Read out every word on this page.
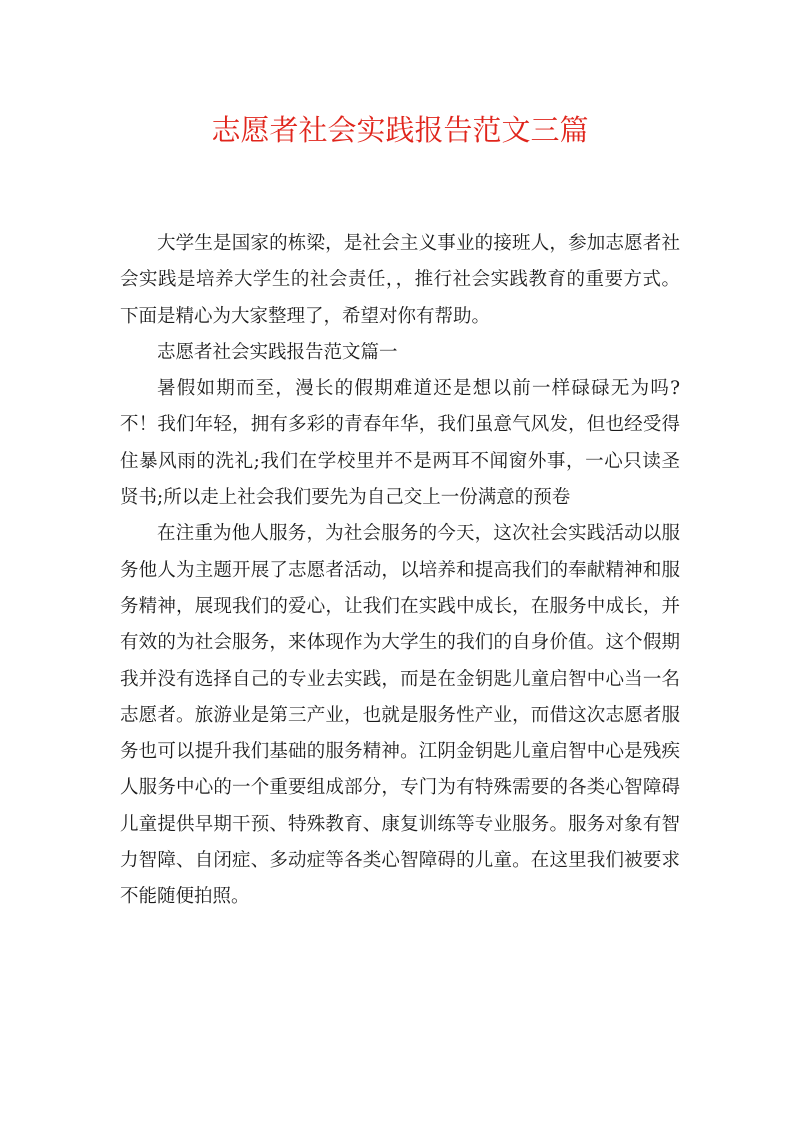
志愿者社会实践报告范文三篇

大学生是国家的栋梁，是社会主义事业的接班人，参加志愿者社会实践是培养大学生的社会责任，，推行社会实践教育的重要方式。下面是精心为大家整理了，希望对你有帮助。

志愿者社会实践报告范文篇一

暑假如期而至，漫长的假期难道还是想以前一样碌碌无为吗?不！我们年轻，拥有多彩的青春年华，我们虽意气风发，但也经受得住暴风雨的洗礼;我们在学校里并不是两耳不闻窗外事，一心只读圣贤书;所以走上社会我们要先为自己交上一份满意的预卷

在注重为他人服务，为社会服务的今天，这次社会实践活动以服务他人为主题开展了志愿者活动，以培养和提高我们的奉献精神和服务精神，展现我们的爱心，让我们在实践中成长，在服务中成长，并有效的为社会服务，来体现作为大学生的我们的自身价值。这个假期我并没有选择自己的专业去实践，而是在金钥匙儿童启智中心当一名志愿者。旅游业是第三产业，也就是服务性产业，而借这次志愿者服务也可以提升我们基础的服务精神。江阴金钥匙儿童启智中心是残疾人服务中心的一个重要组成部分，专门为有特殊需要的各类心智障碍儿童提供早期干预、特殊教育、康复训练等专业服务。服务对象有智力智障、自闭症、多动症等各类心智障碍的儿童。在这里我们被要求不能随便拍照。
